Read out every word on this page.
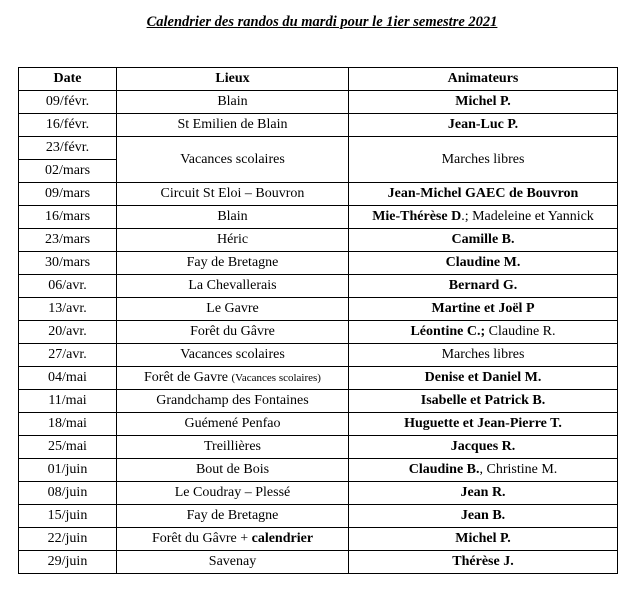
Calendrier des randos du mardi pour le 1ier semestre 2021
Date	Lieux	Animateurs
09/févr.	Blain	Michel P.
16/févr.	St Emilien de Blain	Jean-Luc P.
23/févr.	Vacances scolaires	Marches libres
02/mars		
09/mars	Circuit St Eloi – Bouvron	Jean-Michel GAEC de Bouvron
16/mars	Blain	Mie-Thérèse D.; Madeleine et Yannick
23/mars	Héric	Camille B.
30/mars	Fay de Bretagne	Claudine M.
06/avr.	La Chevallerais	Bernard G.
13/avr.	Le Gavre	Martine et Joël P
20/avr.	Forêt du Gâvre	Léontine C.; Claudine R.
27/avr.	Vacances scolaires	Marches libres
04/mai	Forêt de Gavre (Vacances scolaires)	Denise et Daniel M.
11/mai	Grandchamp des Fontaines	Isabelle et Patrick B.
18/mai	Guémené Penfao	Huguette et Jean-Pierre T.
25/mai	Treillières	Jacques R.
01/juin	Bout de Bois	Claudine B., Christine M.
08/juin	Le Coudray – Plessé	Jean R.
15/juin	Fay de Bretagne	Jean B.
22/juin	Forêt du Gâvre + calendrier	Michel P.
29/juin	Savenay	Thérèse J.
